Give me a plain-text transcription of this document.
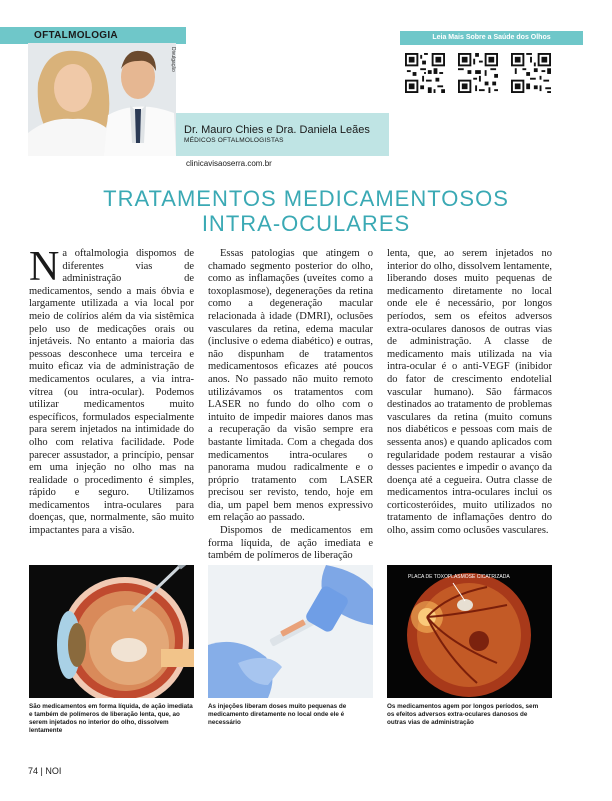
OFTALMOLOGIA	Leia Mais Sobre a Saúde dos Olhos
Divulgação
Dr. Mauro Chies e Dra. Daniela Leães
MÉDICOS OFTALMOLOGISTAS
clinicavisaoserra.com.br
TRATAMENTOS MEDICAMENTOSOS
INTRA-OCULARES

Na oftalmologia dispomos de diferentes vias de administração de medicamentos, sendo a mais óbvia e largamente utilizada a via local por meio de colírios além da via sistêmica pelo uso de medicações orais ou injetáveis. No entanto a maioria das pessoas desconhece uma terceira e muito eficaz via de administração de medicamentos oculares, a via intra-vítrea (ou intra-ocular). Podemos utilizar medicamentos muito específicos, formulados especialmente para serem injetados na intimidade do olho com relativa facilidade. Pode parecer assustador, a princípio, pensar em uma injeção no olho mas na realidade o procedimento é simples, rápido e seguro. Utilizamos medicamentos intra-oculares para doenças, que, normalmente, são muito impactantes para a visão.

Essas patologias que atingem o chamado segmento posterior do olho, como as inflamações (uveítes como a toxoplasmose), degenerações da retina como a degeneração macular relacionada à idade (DMRI), oclusões vasculares da retina, edema macular (inclusive o edema diabético) e outras, não dispunham de tratamentos medicamentosos eficazes até poucos anos. No passado não muito remoto utilizávamos os tratamentos com LASER no fundo do olho com o intuito de impedir maiores danos mas a recuperação da visão sempre era bastante limitada. Com a chegada dos medicamentos intra-oculares o panorama mudou radicalmente e o próprio tratamento com LASER precisou ser revisto, tendo, hoje em dia, um papel bem menos expressivo em relação ao passado.

Dispomos de medicamentos em forma líquida, de ação imediata e também de polímeros de liberação

lenta, que, ao serem injetados no interior do olho, dissolvem lentamente, liberando doses muito pequenas de medicamento diretamente no local onde ele é necessário, por longos períodos, sem os efeitos adversos extra-oculares danosos de outras vias de administração. A classe de medicamento mais utilizada na via intra-ocular é o anti-VEGF (inibidor do fator de crescimento endotelial vascular humano). São fármacos destinados ao tratamento de problemas vasculares da retina (muito comuns nos diabéticos e pessoas com mais de sessenta anos) e quando aplicados com regularidade podem restaurar a visão desses pacientes e impedir o avanço da doença até a cegueira. Outra classe de medicamentos intra-oculares inclui os corticosteróides, muito utilizados no tratamento de inflamações dentro do olho, assim como oclusões vasculares.

PLACA DE TOXOPLASMOSE CICATRIZADA
São medicamentos em forma líquida, de ação imediata e também de polímeros de liberação lenta, que, ao serem injetados no interior do olho, dissolvem lentamente
As injeções liberam doses muito pequenas de medicamento diretamente no local onde ele é necessário
Os medicamentos agem por longos períodos, sem os efeitos adversos extra-oculares danosos de outras vias de administração
74 | NOI
